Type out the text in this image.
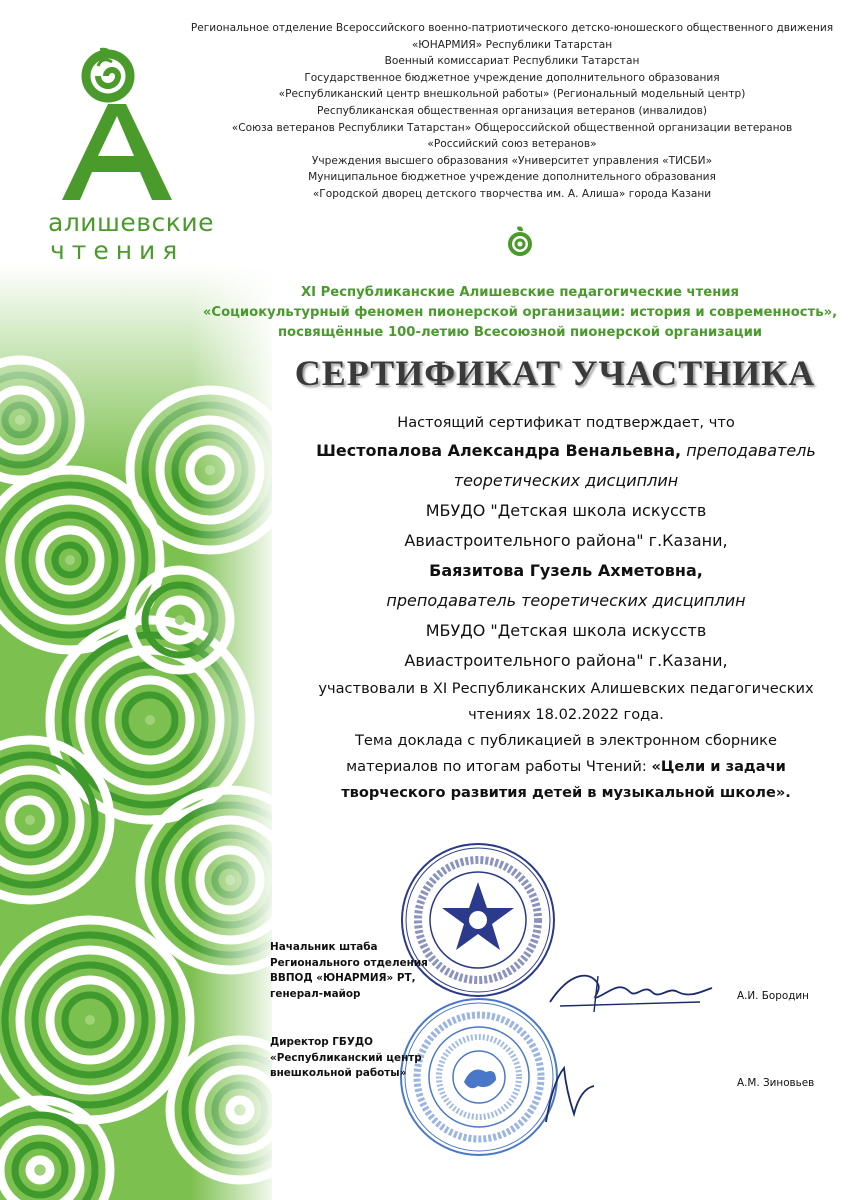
алишевские
чтения
Региональное отделение Всероссийского военно-патриотического детско-юношеского общественного движения
«ЮНАРМИЯ» Республики Татарстан
Военный комиссариат Республики Татарстан
Государственное бюджетное учреждение дополнительного образования
«Республиканский центр внешкольной работы» (Региональный модельный центр)
Республиканская общественная организация ветеранов (инвалидов)
«Союза ветеранов Республики Татарстан» Общероссийской общественной организации ветеранов
«Российский союз ветеранов»
Учреждения высшего образования «Университет управления «ТИСБИ»
Муниципальное бюджетное учреждение дополнительного образования
«Городской дворец детского творчества им. А. Алиша» города Казани
XI Республиканские Алишевские педагогические чтения
«Социокультурный феномен пионерской организации: история и современность»,
посвящённые 100-летию Всесоюзной пионерской организации
СЕРТИФИКАТ УЧАСТНИКА
Настоящий сертификат подтверждает, что
Шестопалова Александра Венальевна, преподаватель
теоретических дисциплин
МБУДО "Детская школа искусств
Авиастроительного района" г.Казани,
Баязитова Гузель Ахметовна,
преподаватель теоретических дисциплин
МБУДО "Детская школа искусств
Авиастроительного района" г.Казани,
участвовали в XI Республиканских Алишевских педагогических
чтениях 18.02.2022 года.
Тема доклада с публикацией в электронном сборнике
материалов по итогам работы Чтений: «Цели и задачи
творческого развития детей в музыкальной школе».
Начальник штаба
Регионального отделения
ВВПОД «ЮНАРМИЯ» РТ,
генерал-майор	А.И. Бородин
Директор ГБУДО
«Республиканский центр
внешкольной работы»
А.М. Зиновьев
